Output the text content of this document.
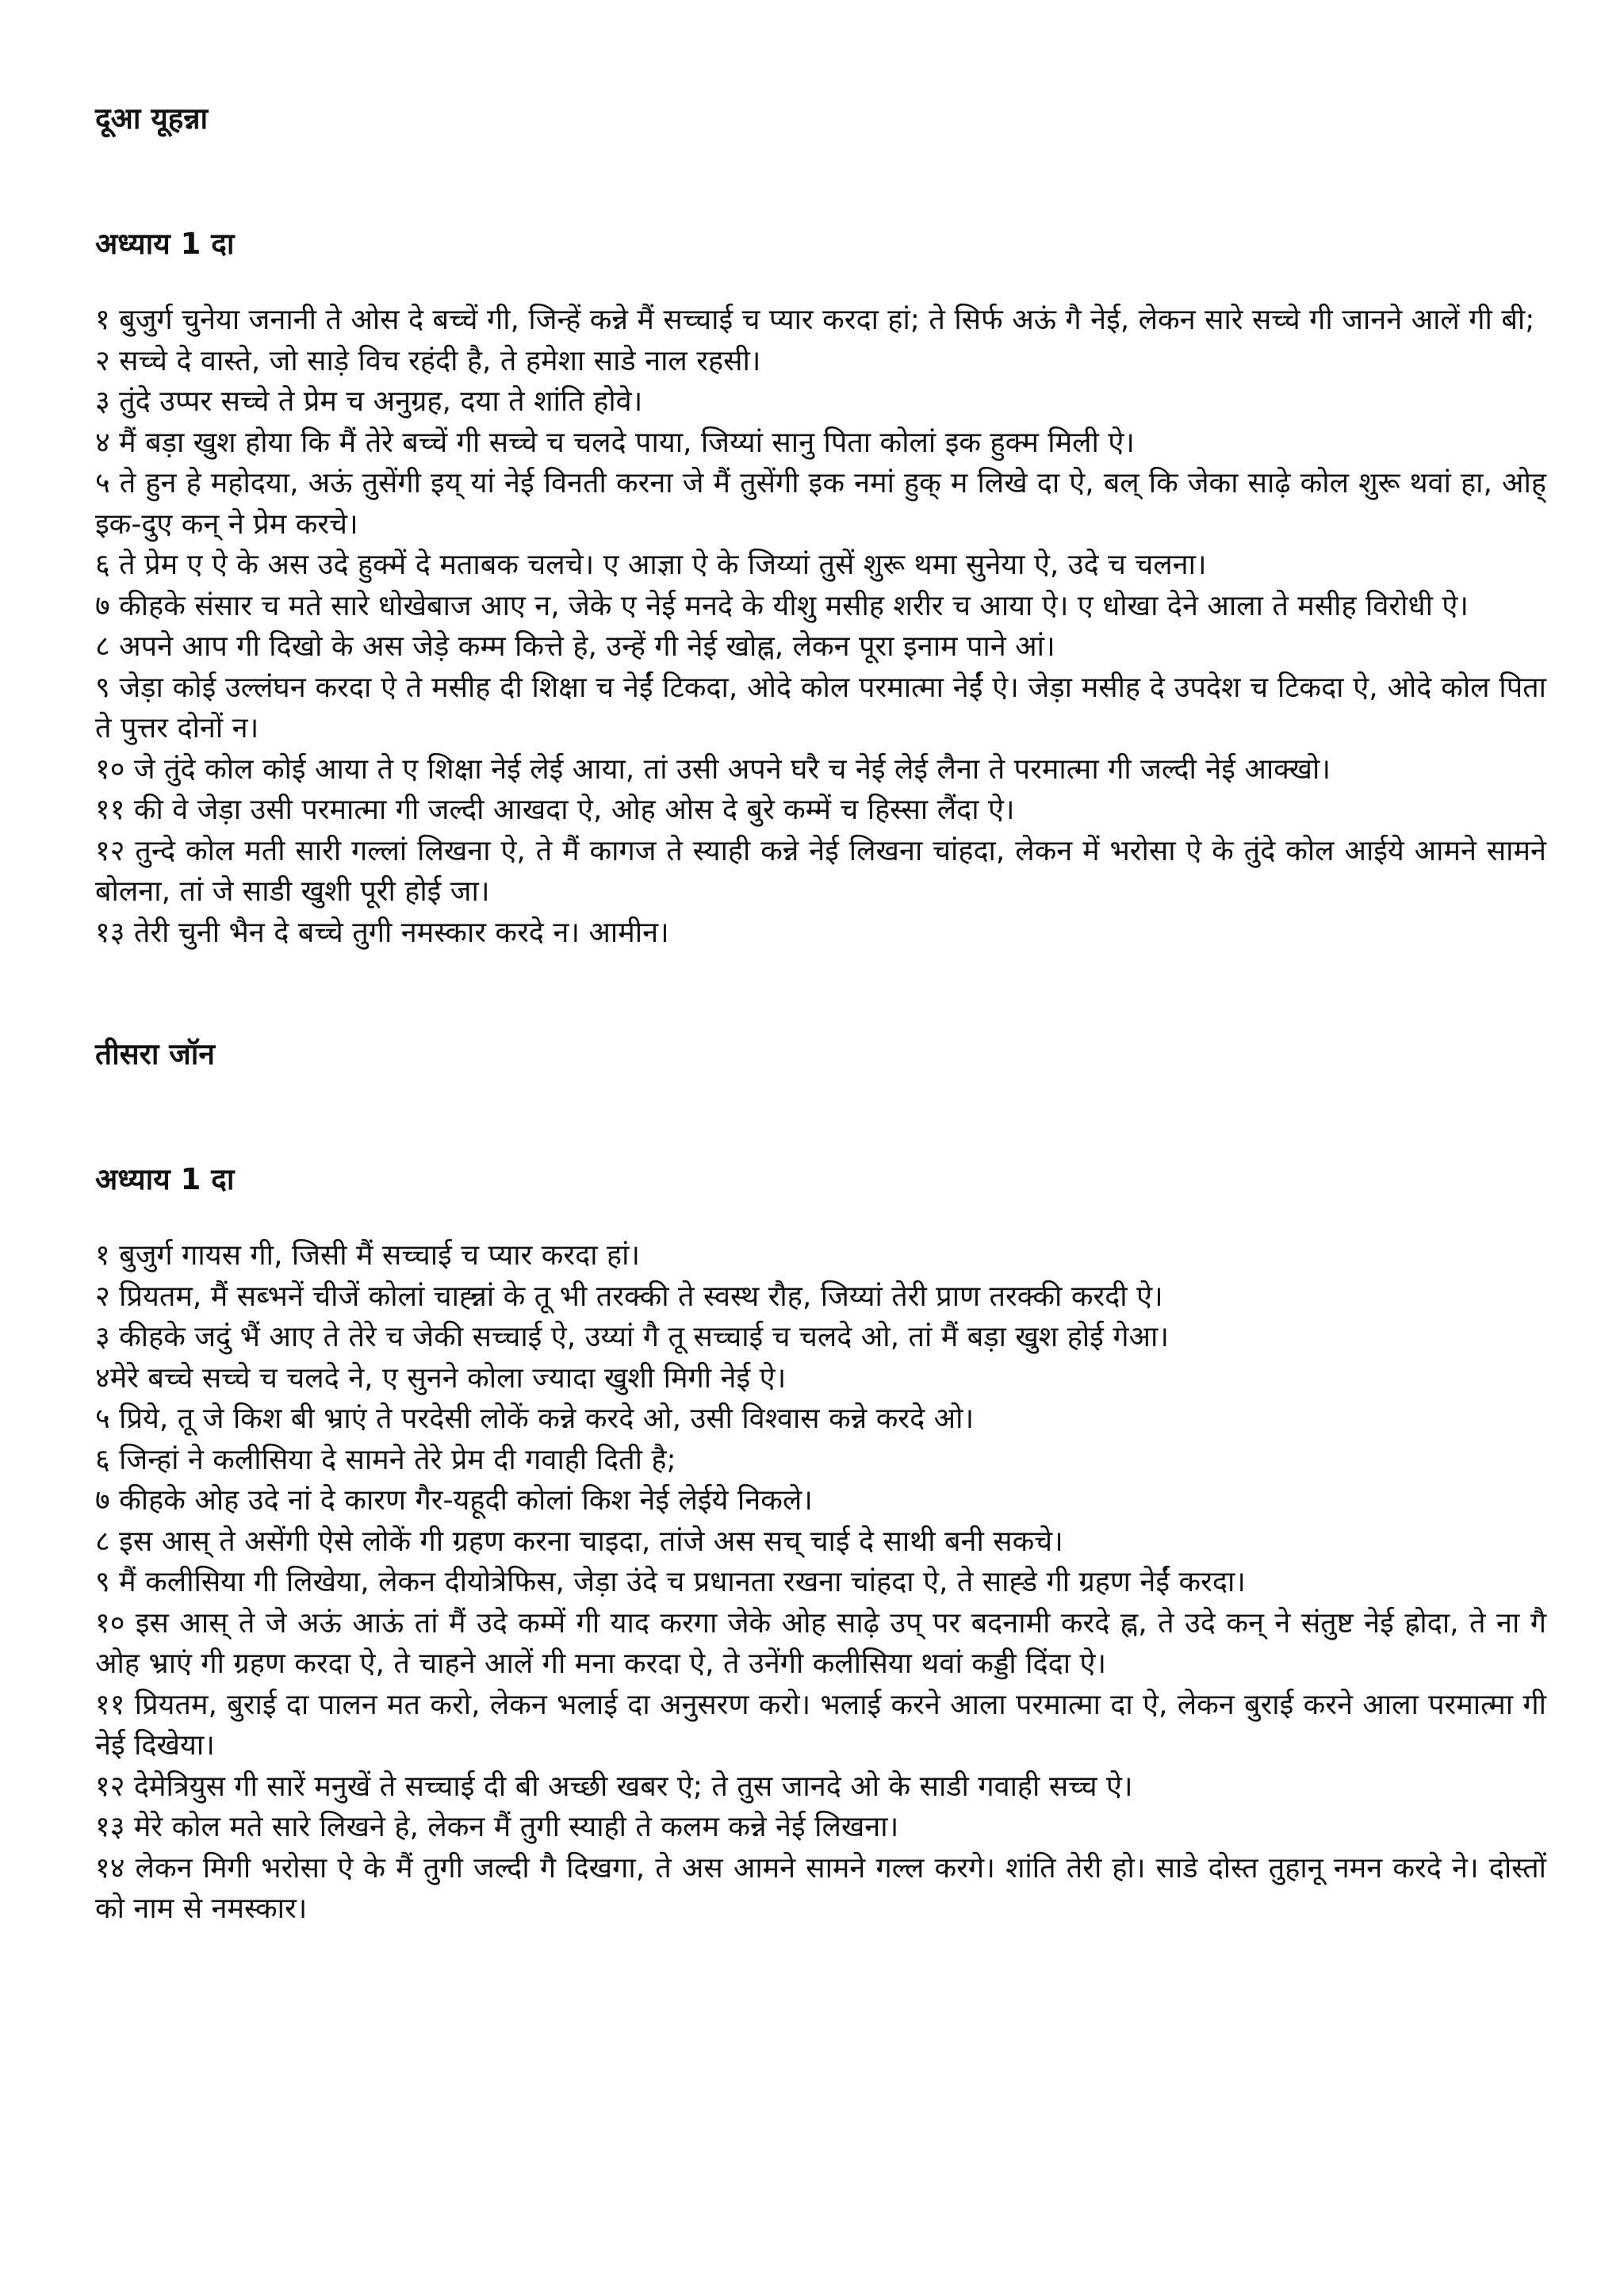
दूआ यूहन्ना
अध्याय 1 दा

१ बुजुर्ग चुनेया जनानी ते ओस दे बच्चें गी, जिन्हें कन्ने मैं सच्चाई च प्यार करदा हां; ते सिर्फ अऊं गै नेई, लेकन सारे सच्चे गी जानने आलें गी बी;

२ सच्चे दे वास्ते, जो साड़े विच रहंदी है, ते हमेशा साडे नाल रहसी।

३ तुंदे उप्पर सच्चे ते प्रेम च अनुग्रह, दया ते शांति होवे।

४ मैं बड़ा खुश होया कि मैं तेरे बच्चें गी सच्चे च चलदे पाया, जिय्यां सानु पिता कोलां इक हुक्म मिली ऐ।

५ ते हुन हे महोदया, अऊं तुसेंगी इय् यां नेई विनती करना जे मैं तुसेंगी इक नमां हुक् म लिखे दा ऐ, बल् कि जेका साढ़े कोल शुरू थवां हा, ओह् इक-दुए कन् ने प्रेम करचे।

६ ते प्रेम ए ऐ के अस उदे हुक्में दे मताबक चलचे। ए आज्ञा ऐ के जिय्यां तुसें शुरू थमा सुनेया ऐ, उदे च चलना।

७ कीहके संसार च मते सारे धोखेबाज आए न, जेके ए नेई मनदे के यीशु मसीह शरीर च आया ऐ। ए धोखा देने आला ते मसीह विरोधी ऐ।

८ अपने आप गी दिखो के अस जेड़े कम्म कित्ते हे, उन्हें गी नेई खोह्न, लेकन पूरा इनाम पाने आं।

९ जेड़ा कोई उल्लंघन करदा ऐ ते मसीह दी शिक्षा च नेईं टिकदा, ओदे कोल परमात्मा नेईं ऐ। जेड़ा मसीह दे उपदेश च टिकदा ऐ, ओदे कोल पिता ते पुत्तर दोनों न।

१० जे तुंदे कोल कोई आया ते ए शिक्षा नेई लेई आया, तां उसी अपने घरै च नेई लेई लैना ते परमात्मा गी जल्दी नेई आक्खो।

११ की वे जेड़ा उसी परमात्मा गी जल्दी आखदा ऐ, ओह ओस दे बुरे कम्में च हिस्सा लैंदा ऐ।

१२ तुन्दे कोल मती सारी गल्लां लिखना ऐ, ते मैं कागज ते स्याही कन्ने नेई लिखना चांहदा, लेकन में भरोसा ऐ के तुंदे कोल आईये आमने सामने बोलना, तां जे साडी खुशी पूरी होई जा।

१३ तेरी चुनी भैन दे बच्चे तुगी नमस्कार करदे न। आमीन।

तीसरा जॉन
अध्याय 1 दा

१ बुजुर्ग गायस गी, जिसी मैं सच्चाई च प्यार करदा हां।

२ प्रियतम, मैं सब्भनें चीजें कोलां चाह्न्नां के तू भी तरक्की ते स्वस्थ रौह, जिय्यां तेरी प्राण तरक्की करदी ऐ।

३ कीहके जदुं भैं आए ते तेरे च जेकी सच्चाई ऐ, उय्यां गै तू सच्चाई च चलदे ओ, तां मैं बड़ा खुश होई गेआ।

४मेरे बच्चे सच्चे च चलदे ने, ए सुनने कोला ज्यादा खुशी मिगी नेई ऐ।

५ प्रिये, तू जे किश बी भ्राएं ते परदेसी लोकें कन्ने करदे ओ, उसी विश्वास कन्ने करदे ओ।

६ जिन्हां ने कलीसिया दे सामने तेरे प्रेम दी गवाही दिती है;

७ कीहके ओह उदे नां दे कारण गैर-यहूदी कोलां किश नेई लेईये निकले।

८ इस आस् ते असेंगी ऐसे लोकें गी ग्रहण करना चाइदा, तांजे अस सच् चाई दे साथी बनी सकचे।

९ मैं कलीसिया गी लिखेया, लेकन दीयोत्रेफिस, जेड़ा उंदे च प्रधानता रखना चांहदा ऐ, ते साह्डे गी ग्रहण नेईं करदा।

१० इस आस् ते जे अऊं आऊं तां मैं उदे कम्में गी याद करगा जेके ओह साढ़े उप् पर बदनामी करदे ह्न, ते उदे कन् ने संतुष्ट नेई ह्रोदा, ते ना गै ओह भ्राएं गी ग्रहण करदा ऐ, ते चाहने आलें गी मना करदा ऐ, ते उनेंगी कलीसिया थवां कड्डी दिंदा ऐ।

११ प्रियतम, बुराई दा पालन मत करो, लेकन भलाई दा अनुसरण करो। भलाई करने आला परमात्मा दा ऐ, लेकन बुराई करने आला परमात्मा गी नेई दिखेया।

१२ देमेत्रियुस गी सारें मनुखें ते सच्चाई दी बी अच्छी खबर ऐ; ते तुस जानदे ओ के साडी गवाही सच्च ऐ।

१३ मेरे कोल मते सारे लिखने हे, लेकन मैं तुगी स्याही ते कलम कन्ने नेई लिखना।

१४ लेकन मिगी भरोसा ऐ के मैं तुगी जल्दी गै दिखगा, ते अस आमने सामने गल्ल करगे। शांति तेरी हो। साडे दोस्त तुहानू नमन करदे ने। दोस्तों को नाम से नमस्कार।
